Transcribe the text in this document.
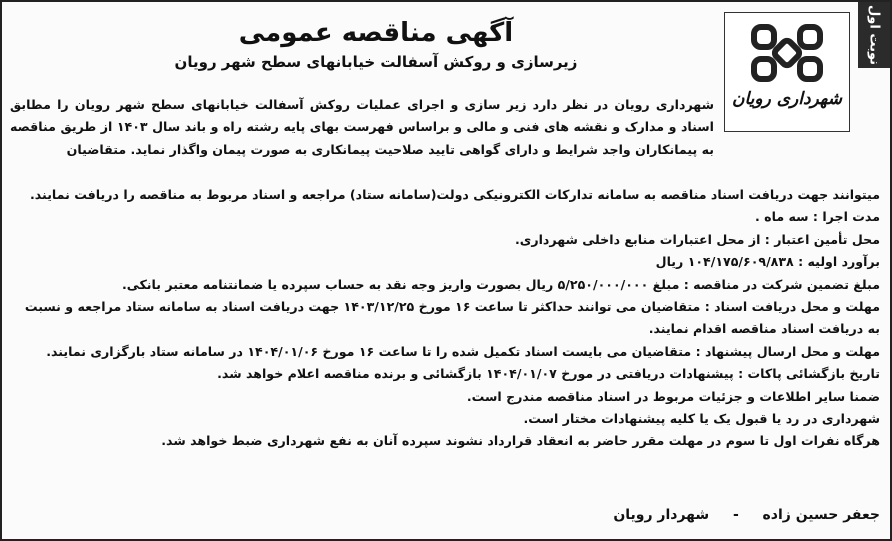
نوبت اول
شهرداری رویان
آگهی مناقصه عمومی
زیرسازی و روکش آسفالت خیابانهای سطح شهر رویان
شهرداری رویان در نظر دارد زیر سازی و اجرای عملیات روکش آسفالت خیابانهای سطح شهر رویان را مطابق اسناد و مدارک و نقشه های فنی و مالی و براساس فهرست بهای پایه رشته راه و باند سال ۱۴۰۳ از طریق مناقصه به پیمانکاران واجد شرایط و دارای گواهی تایید صلاحیت پیمانکاری به صورت پیمان واگذار نماید. متقاضیان
میتوانند جهت دریافت اسناد مناقصه به سامانه تدارکات الکترونیکی دولت(سامانه ستاد) مراجعه و اسناد مربوط به مناقصه را دریافت نمایند.
مدت اجرا : سه ماه .
محل تأمین اعتبار : از محل اعتبارات منابع داخلی شهرداری.
برآورد اولیه : ۱۰۴/۱۷۵/۶۰۹/۸۳۸ ریال
مبلغ تضمین شرکت در مناقصه : مبلغ ۵/۲۵۰/۰۰۰/۰۰۰ ریال بصورت واریز وجه نقد به حساب سپرده یا ضمانتنامه معتبر بانکی.
مهلت و محل دریافت اسناد : متقاضیان می توانند حداکثر تا ساعت ۱۶ مورخ ۱۴۰۳/۱۲/۲۵ جهت دریافت اسناد به سامانه ستاد مراجعه و نسبت به دریافت اسناد مناقصه اقدام نمایند.
مهلت و محل ارسال پیشنهاد : متقاضیان می بایست اسناد تکمیل شده را تا ساعت ۱۶ مورخ ۱۴۰۴/۰۱/۰۶ در سامانه ستاد بارگزاری نمایند.
تاریخ بازگشائی پاکات : پیشنهادات دریافتی در مورخ ۱۴۰۴/۰۱/۰۷ بازگشائی و برنده مناقصه اعلام خواهد شد.
ضمنا سایر اطلاعات و جزئیات مربوط در اسناد مناقصه مندرج است.
شهرداری در رد یا قبول یک یا کلیه پیشنهادات مختار است.
هرگاه نفرات اول تا سوم در مهلت مقرر حاضر به انعقاد قرارداد نشوند سپرده آنان به نفع شهرداری ضبط خواهد شد.
جعفر حسین زاده  -  شهردار رویان
